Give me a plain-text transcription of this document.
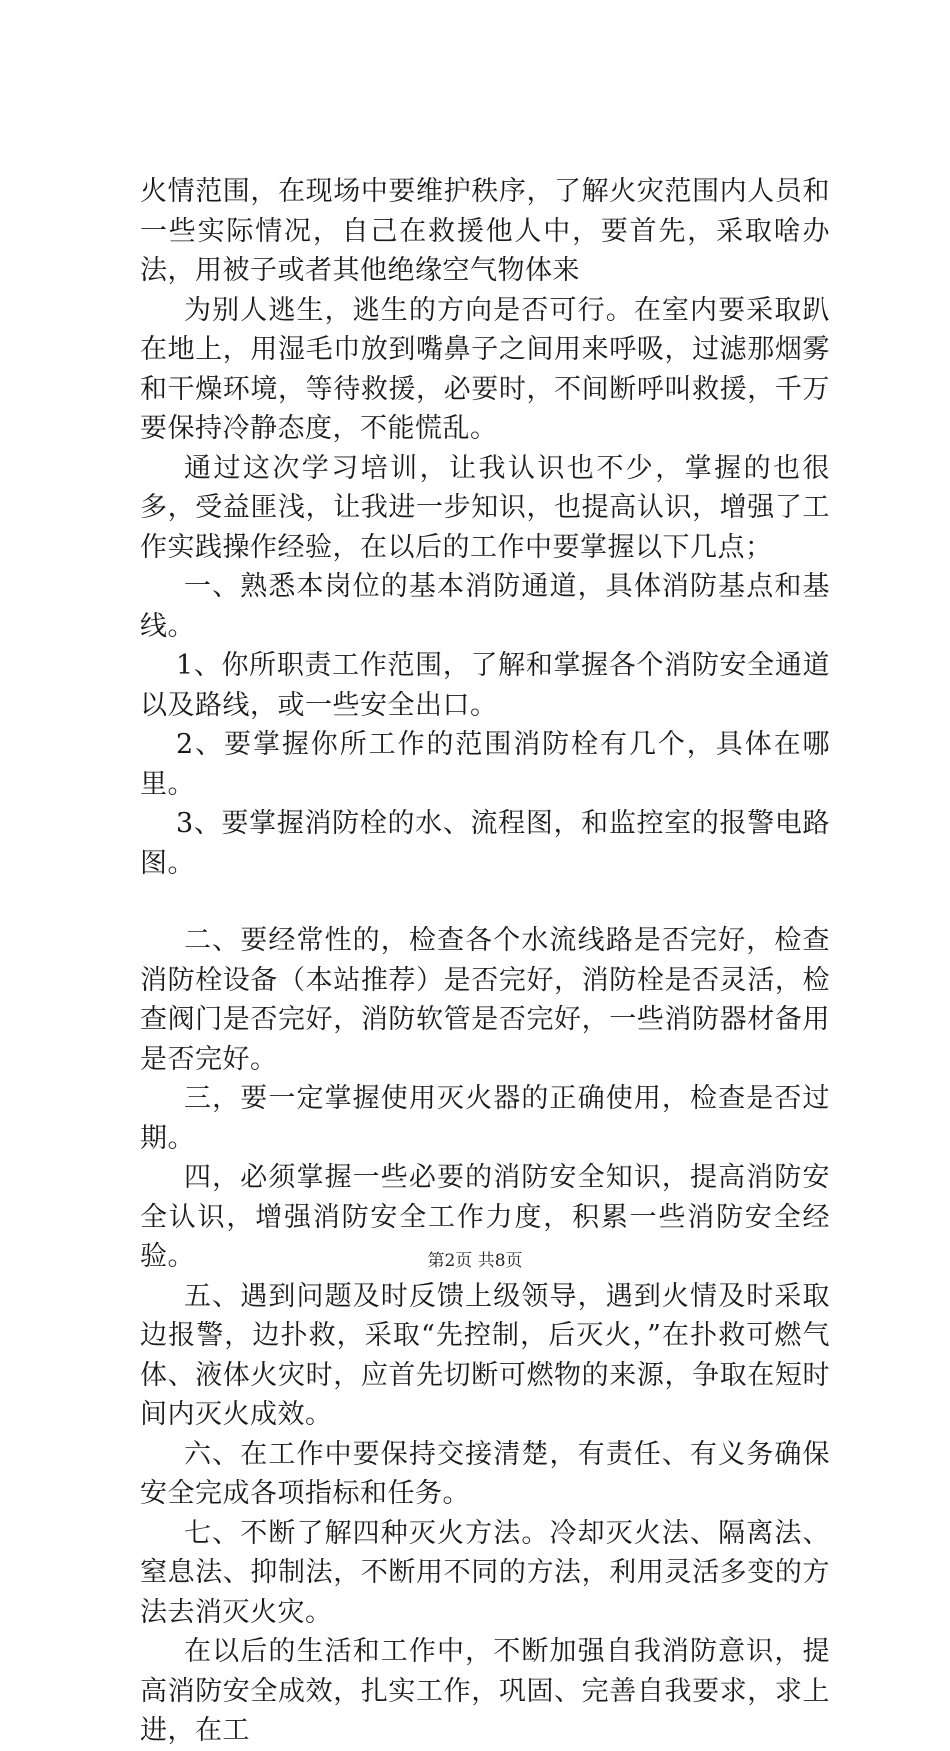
火情范围，在现场中要维护秩序，了解火灾范围内人员和一些实际情况，自己在救援他人中，要首先，采取啥办法，用被子或者其他绝缘空气物体来

为别人逃生，逃生的方向是否可行。在室内要采取趴在地上，用湿毛巾放到嘴鼻子之间用来呼吸，过滤那烟雾和干燥环境，等待救援，必要时，不间断呼叫救援，千万要保持冷静态度，不能慌乱。

通过这次学习培训，让我认识也不少，掌握的也很多，受益匪浅，让我进一步知识，也提高认识，增强了工作实践操作经验，在以后的工作中要掌握以下几点；

一、熟悉本岗位的基本消防通道，具体消防基点和基线。

1、你所职责工作范围，了解和掌握各个消防安全通道以及路线，或一些安全出口。

2、要掌握你所工作的范围消防栓有几个，具体在哪里。

3、要掌握消防栓的水、流程图，和监控室的报警电路图。

二、要经常性的，检查各个水流线路是否完好，检查消防栓设备（本站推荐）是否完好，消防栓是否灵活，检查阀门是否完好，消防软管是否完好，一些消防器材备用是否完好。

三，要一定掌握使用灭火器的正确使用，检查是否过期。

四，必须掌握一些必要的消防安全知识，提高消防安全认识，增强消防安全工作力度，积累一些消防安全经验。

五、遇到问题及时反馈上级领导，遇到火情及时采取边报警，边扑救，采取“先控制，后灭火，”在扑救可燃气体、液体火灾时，应首先切断可燃物的来源，争取在短时间内灭火成效。

六、在工作中要保持交接清楚，有责任、有义务确保安全完成各项指标和任务。

七、不断了解四种灭火方法。冷却灭火法、隔离法、窒息法、抑制法，不断用不同的方法，利用灵活多变的方法去消灭火灾。

在以后的生活和工作中，不断加强自我消防意识，提高消防安全成效，扎实工作，巩固、完善自我要求，求上进，在工

第2页 共8页
